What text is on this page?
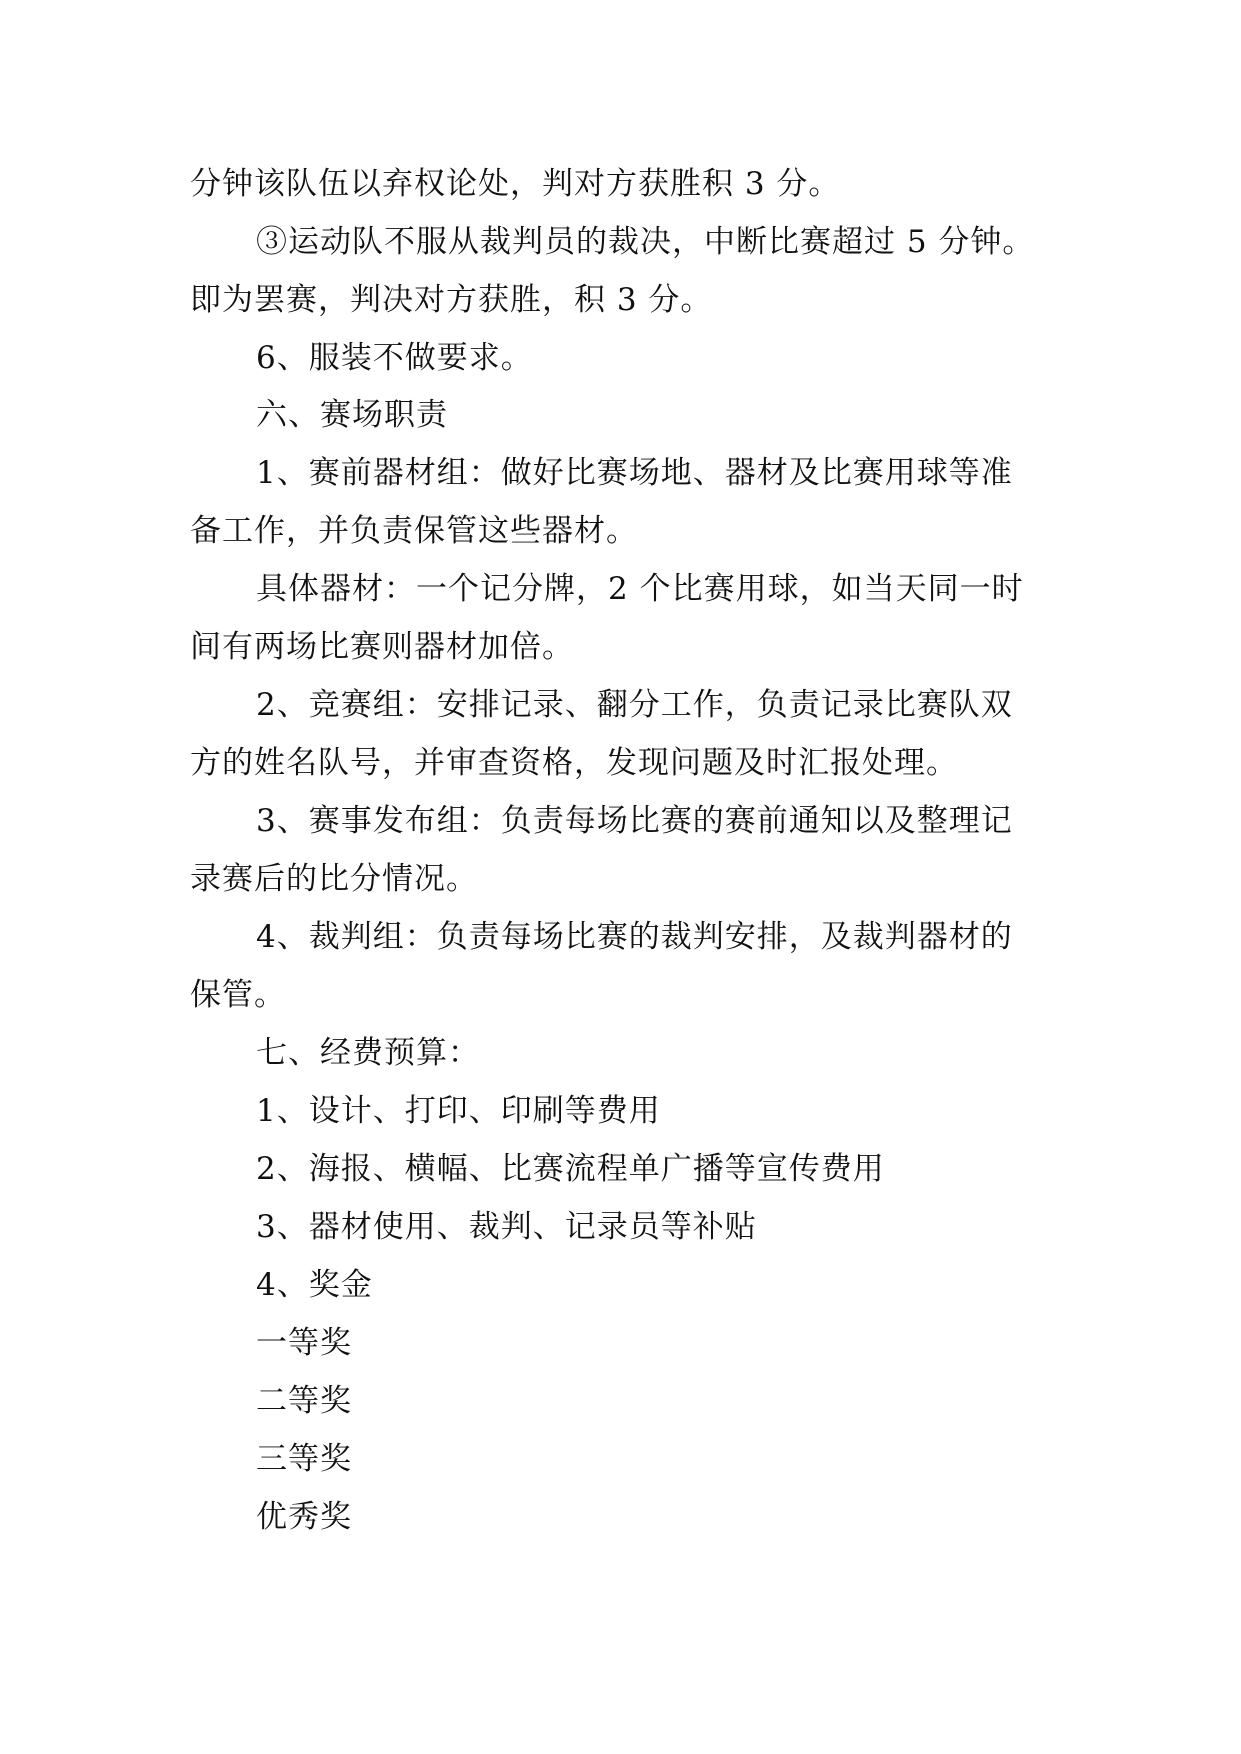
分钟该队伍以弃权论处，判对方获胜积 3 分。
③运动队不服从裁判员的裁决，中断比赛超过 5 分钟。
即为罢赛，判决对方获胜，积 3 分。
6、服装不做要求。
六、赛场职责
1、赛前器材组：做好比赛场地、器材及比赛用球等准
备工作，并负责保管这些器材。
具体器材：一个记分牌，2 个比赛用球，如当天同一时
间有两场比赛则器材加倍。
2、竞赛组：安排记录、翻分工作，负责记录比赛队双
方的姓名队号，并审查资格，发现问题及时汇报处理。
3、赛事发布组：负责每场比赛的赛前通知以及整理记
录赛后的比分情况。
4、裁判组：负责每场比赛的裁判安排，及裁判器材的
保管。
七、经费预算：
1、设计、打印、印刷等费用
2、海报、横幅、比赛流程单广播等宣传费用
3、器材使用、裁判、记录员等补贴
4、奖金
一等奖
二等奖
三等奖
优秀奖
